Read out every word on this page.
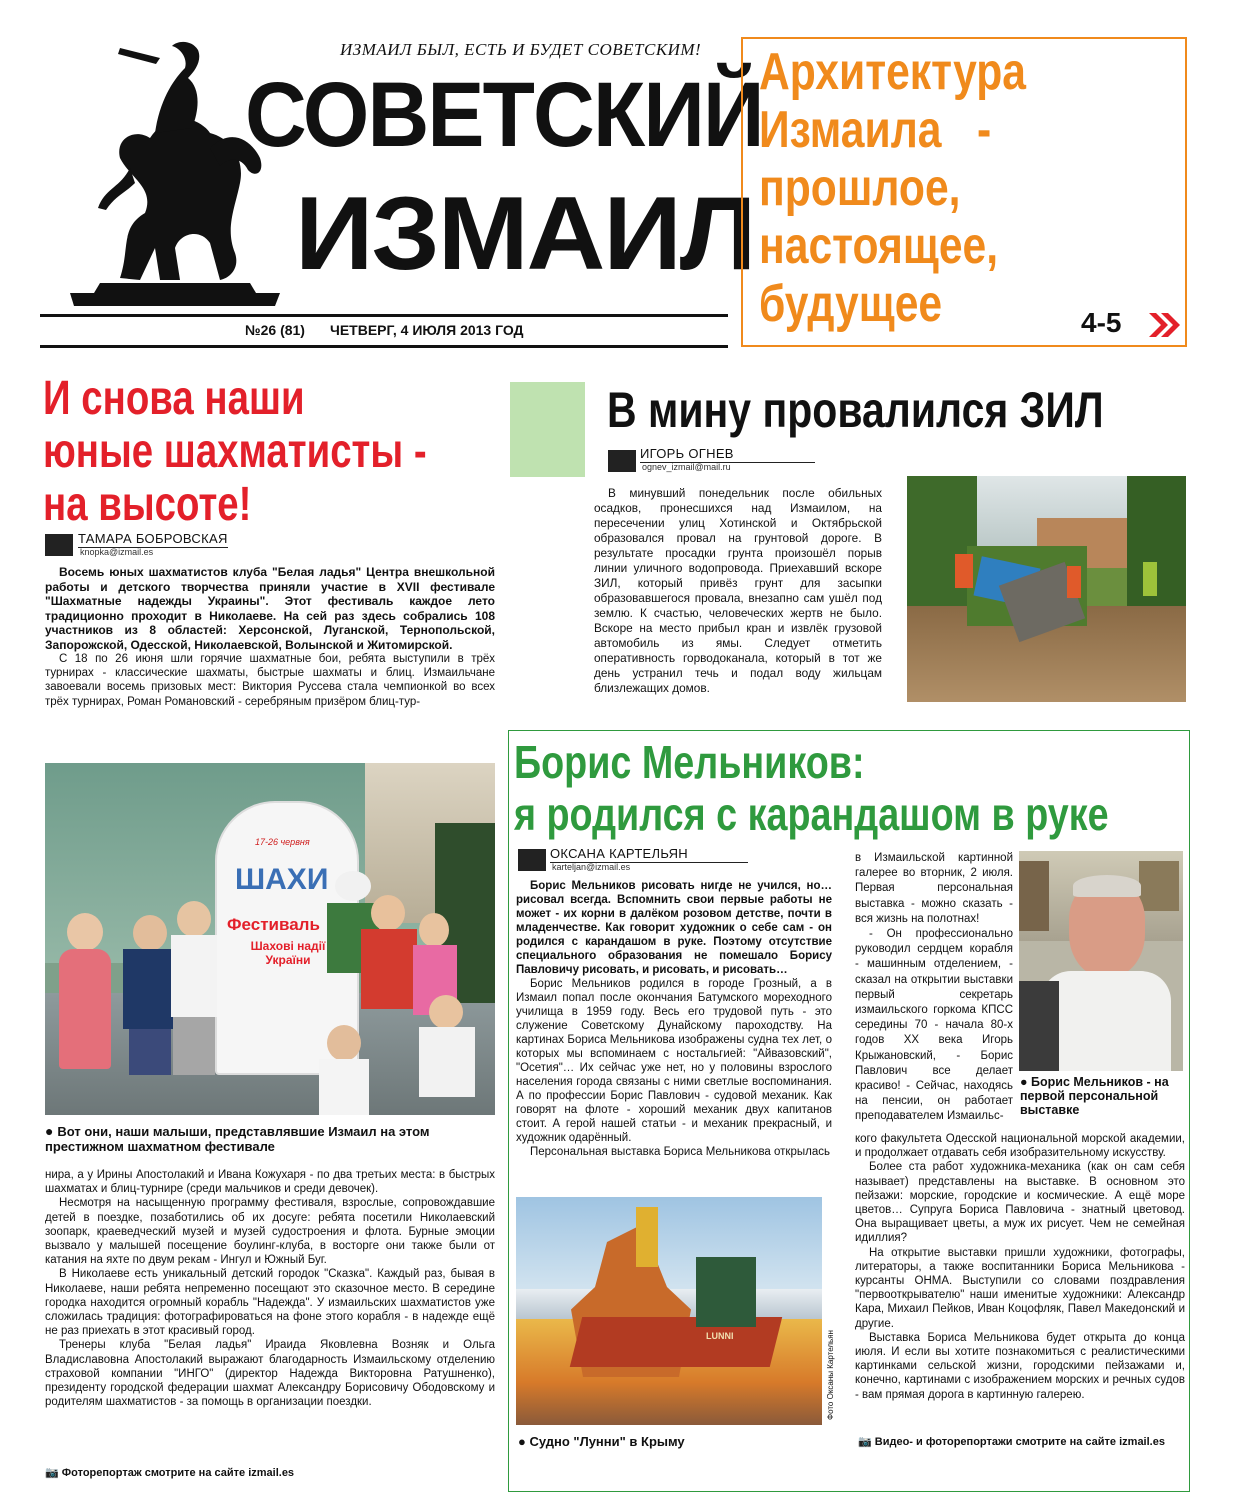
ИЗМАИЛ БЫЛ, ЕСТЬ И БУДЕТ СОВЕТСКИМ!
СОВЕТСКИЙ
ИЗМАИЛ
№26 (81) ЧЕТВЕРГ, 4 ИЮЛЯ 2013 ГОД
Архитектура
Измаила   -
прошлое,
настоящее,
будущее	4-5
И снова наши
юные шахматисты -
на высоте!
ТАМАРА БОБРОВСКАЯ
knopka@izmail.es

Восемь юных шахматистов клуба "Белая ладья" Центра внешкольной работы и детского творчества приняли участие в XVII фестивале "Шахматные надежды Украины". Этот фестиваль каждое лето традиционно проходит в Николаеве. На сей раз здесь собрались 108 участников из 8 областей: Херсонской, Луганской, Тернопольской, Запорожской, Одесской, Николаевской, Волынской и Житомирской.

С 18 по 26 июня шли горячие шахматные бои, ребята выступили в трёх турнирах - классические шахматы, быстрые шахматы и блиц. Измаильчане завоевали восемь призовых мест: Виктория Руссева стала чемпионкой во всех трёх турнирах, Роман Романовский - серебряным призёром блиц-тур-

17-26 червня
ШАХИ
Фестиваль
Шахові надії України
● Вот они, наши малыши, представлявшие Измаил на этом престижном шахматном фестивале

нира, а у Ирины Апостолакий и Ивана Кожухаря - по два третьих места: в быстрых шахматах и блиц-турнире (среди мальчиков и среди девочек).

Несмотря на насыщенную программу фестиваля, взрослые, сопровождавшие детей в поездке, позаботились об их досуге: ребята посетили Николаевский зоопарк, краеведческий музей и музей судостроения и флота. Бурные эмоции вызвало у малышей посещение боулинг-клуба, в восторге они также были от катания на яхте по двум рекам - Ингул и Южный Буг.

В Николаеве есть уникальный детский городок "Сказка". Каждый раз, бывая в Николаеве, наши ребята непременно посещают это сказочное место. В середине городка находится огромный корабль "Надежда". У измаильских шахматистов уже сложилась традиция: фотографироваться на фоне этого корабля - в надежде ещё не раз приехать в этот красивый город.

Тренеры клуба "Белая ладья" Ираида Яковлевна Возняк и Ольга Владиславовна Апостолакий выражают благодарность Измаильскому отделению страховой компании "ИНГО" (директор Надежда Викторовна Ратушненко), президенту городской федерации шахмат Александру Борисовичу Ободовскому и родителям шахматистов - за помощь в организации поездки.

📷 Фоторепортаж смотрите на сайте izmail.es
В мину провалился ЗИЛ
ИГОРЬ ОГНЕВ
ognev_izmail@mail.ru

В минувший понедельник после обильных осадков, пронесшихся над Измаилом, на пересечении улиц Хотинской и Октябрьской образовался провал на грунтовой дороге. В результате просадки грунта произошёл порыв линии уличного водопровода. Приехавший вскоре ЗИЛ, который привёз грунт для засыпки образовавшегося провала, внезапно сам ушёл под землю. К счастью, человеческих жертв не было. Вскоре на место прибыл кран и извлёк грузовой автомобиль из ямы. Следует отметить оперативность горводоканала, который в тот же день устранил течь и подал воду жильцам близлежащих домов.

Борис Мельников:
я родился с карандашом в руке
ОКСАНА КАРТЕЛЬЯН
karteljan@izmail.es

Борис Мельников рисовать нигде не учился, но… рисовал всегда. Вспомнить свои первые работы не может - их корни в далёком розовом детстве, почти в младенчестве. Как говорит художник о себе сам - он родился с карандашом в руке. Поэтому отсутствие специального образования не помешало Борису Павловичу рисовать, и рисовать, и рисовать…

Борис Мельников родился в городе Грозный, а в Измаил попал после окончания Батумского мореходного училища в 1959 году. Весь его трудовой путь - это служение Советскому Дунайскому пароходству. На картинах Бориса Мельникова изображены судна тех лет, о которых мы вспоминаем с ностальгией: "Айвазовский", "Осетия"… Их сейчас уже нет, но у половины взрослого населения города связаны с ними светлые воспоминания. А по профессии Борис Павлович - судовой механик. Как говорят на флоте - хороший механик двух капитанов стоит. А герой нашей статьи - и механик прекрасный, и художник одарённый.

Персональная выставка Бориса Мельникова открылась

LUNNI	Фото Оксаны Картельян
● Судно "Лунни" в Крыму

в Измаильской картинной галерее во вторник, 2 июля. Первая персональная выставка - можно сказать - вся жизнь на полотнах!

- Он профессионально руководил сердцем корабля - машинным отделением, - сказал на открытии выставки первый секретарь измаильского горкома КПСС середины 70 - начала 80-х годов XX века Игорь Крыжановский, - Борис Павлович все делает красиво! - Сейчас, находясь на пенсии, он работает преподавателем Измаильс-

● Борис Мельников - на первой персональной выставке

кого факультета Одесской национальной морской академии, и продолжает отдавать себя изобразительному искусству.

Более ста работ художника-механика (как он сам себя называет) представлены на выставке. В основном это пейзажи: морские, городские и космические. А ещё море цветов… Супруга Бориса Павловича - знатный цветовод. Она выращивает цветы, а муж их рисует. Чем не семейная идиллия?

На открытие выставки пришли художники, фотографы, литераторы, а также воспитанники Бориса Мельникова - курсанты ОНМА. Выступили со словами поздравления "первооткрывателю" наши именитые художники: Александр Кара, Михаил Пейков, Иван Коцофляк, Павел Македонский и другие.

Выставка Бориса Мельникова будет открыта до конца июля. И если вы хотите познакомиться с реалистическими картинками сельской жизни, городскими пейзажами и, конечно, картинами с изображением морских и речных судов - вам прямая дорога в картинную галерею.

📷 Видео- и фоторепортажи смотрите на сайте izmail.es
